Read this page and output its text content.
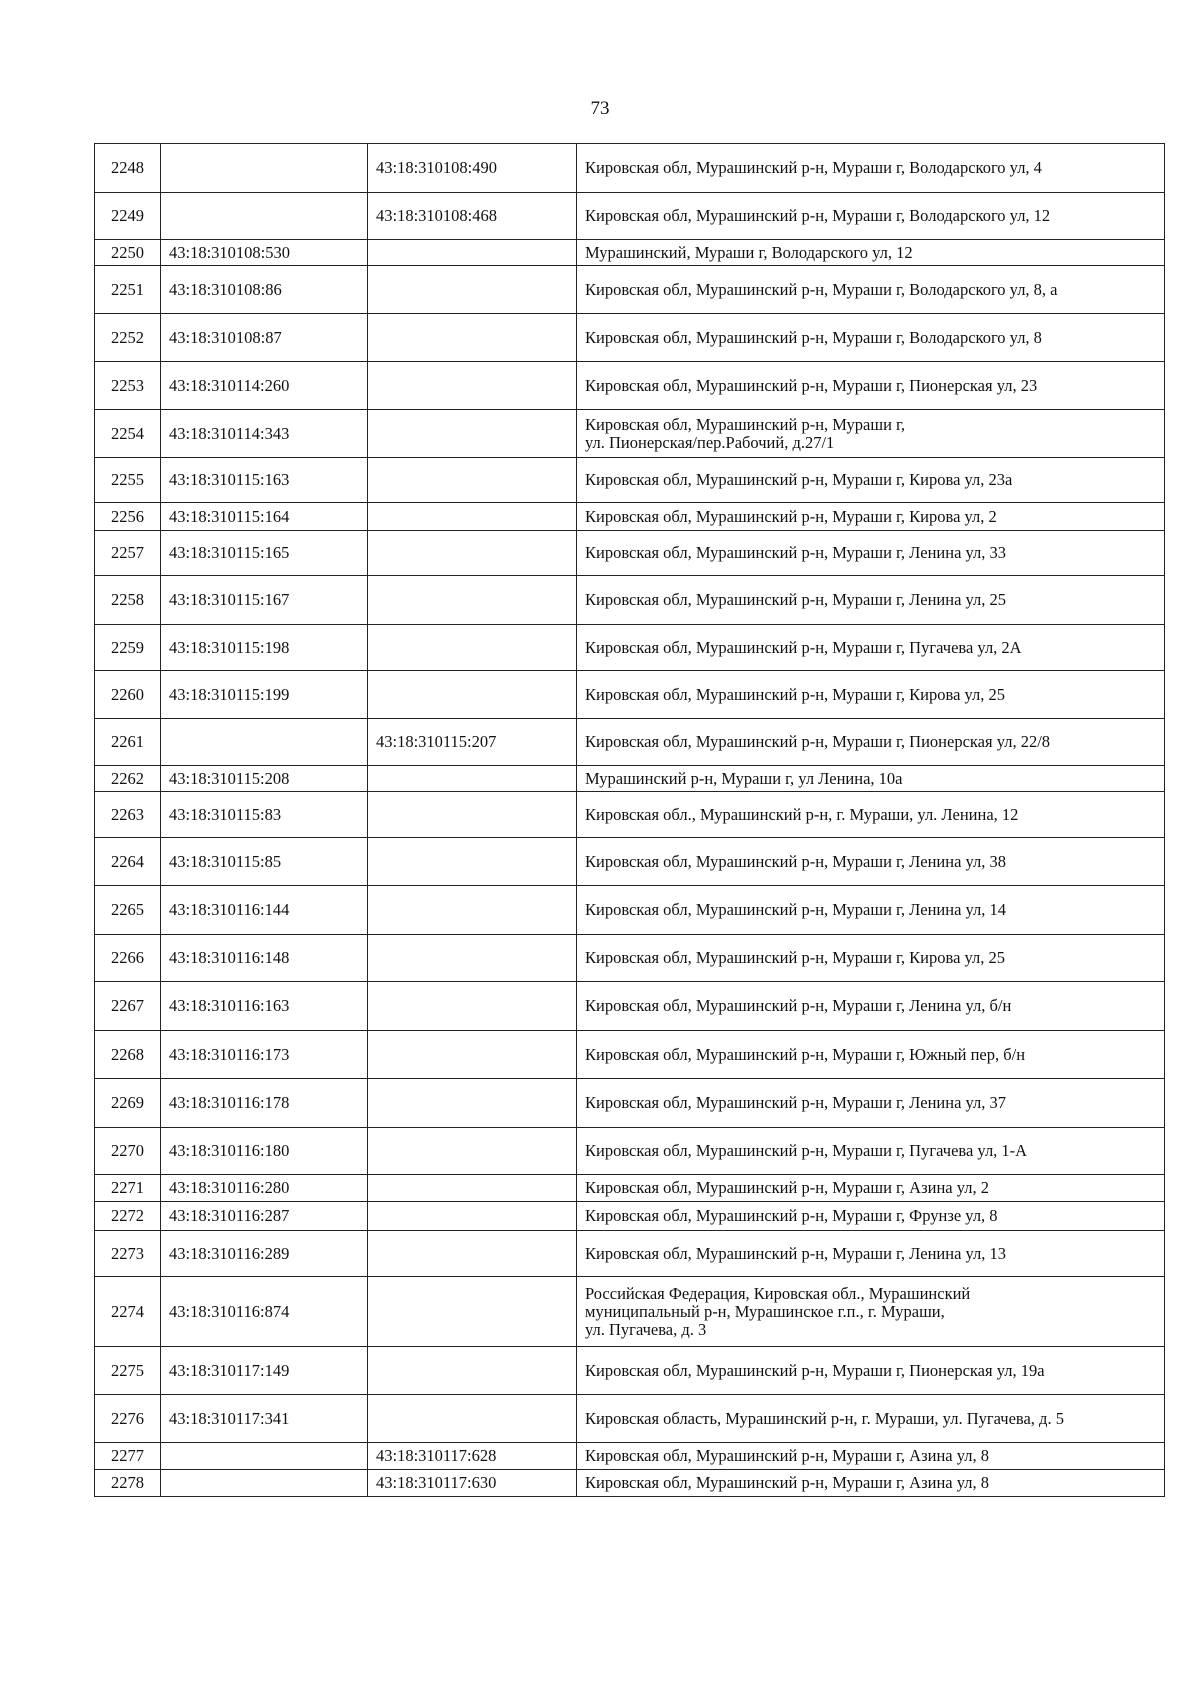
73
2248		43:18:310108:490	Кировская обл, Мурашинский р-н, Мураши г, Володарского ул, 4
2249		43:18:310108:468	Кировская обл, Мурашинский р-н, Мураши г, Володарского ул, 12
2250	43:18:310108:530		Мурашинский, Мураши г, Володарского ул, 12
2251	43:18:310108:86		Кировская обл, Мурашинский р-н, Мураши г, Володарского ул, 8, а
2252	43:18:310108:87		Кировская обл, Мурашинский р-н, Мураши г, Володарского ул, 8
2253	43:18:310114:260		Кировская обл, Мурашинский р-н, Мураши г, Пионерская ул, 23
2254	43:18:310114:343		Кировская обл, Мурашинский р-н, Мураши г,
ул. Пионерская/пер.Рабочий, д.27/1
2255	43:18:310115:163		Кировская обл, Мурашинский р-н, Мураши г, Кирова ул, 23а
2256	43:18:310115:164		Кировская обл, Мурашинский р-н, Мураши г, Кирова ул, 2
2257	43:18:310115:165		Кировская обл, Мурашинский р-н, Мураши г, Ленина ул, 33
2258	43:18:310115:167		Кировская обл, Мурашинский р-н, Мураши г, Ленина ул, 25
2259	43:18:310115:198		Кировская обл, Мурашинский р-н, Мураши г, Пугачева ул, 2А
2260	43:18:310115:199		Кировская обл, Мурашинский р-н, Мураши г, Кирова ул, 25
2261		43:18:310115:207	Кировская обл, Мурашинский р-н, Мураши г, Пионерская ул, 22/8
2262	43:18:310115:208		Мурашинский р-н, Мураши г, ул Ленина, 10а
2263	43:18:310115:83		Кировская обл., Мурашинский р-н, г. Мураши, ул. Ленина, 12
2264	43:18:310115:85		Кировская обл, Мурашинский р-н, Мураши г, Ленина ул, 38
2265	43:18:310116:144		Кировская обл, Мурашинский р-н, Мураши г, Ленина ул, 14
2266	43:18:310116:148		Кировская обл, Мурашинский р-н, Мураши г, Кирова ул, 25
2267	43:18:310116:163		Кировская обл, Мурашинский р-н, Мураши г, Ленина ул, б/н
2268	43:18:310116:173		Кировская обл, Мурашинский р-н, Мураши г, Южный пер, б/н
2269	43:18:310116:178		Кировская обл, Мурашинский р-н, Мураши г, Ленина ул, 37
2270	43:18:310116:180		Кировская обл, Мурашинский р-н, Мураши г, Пугачева ул, 1-А
2271	43:18:310116:280		Кировская обл, Мурашинский р-н, Мураши г, Азина ул, 2
2272	43:18:310116:287		Кировская обл, Мурашинский р-н, Мураши г, Фрунзе ул, 8
2273	43:18:310116:289		Кировская обл, Мурашинский р-н, Мураши г, Ленина ул, 13
2274	43:18:310116:874		Российская Федерация, Кировская обл., Мурашинский
муниципальный р-н, Мурашинское г.п., г. Мураши,
ул. Пугачева, д. 3
2275	43:18:310117:149		Кировская обл, Мурашинский р-н, Мураши г, Пионерская ул, 19а
2276	43:18:310117:341		Кировская область, Мурашинский р-н, г. Мураши, ул. Пугачева, д. 5
2277		43:18:310117:628	Кировская обл, Мурашинский р-н, Мураши г, Азина ул, 8
2278		43:18:310117:630	Кировская обл, Мурашинский р-н, Мураши г, Азина ул, 8
